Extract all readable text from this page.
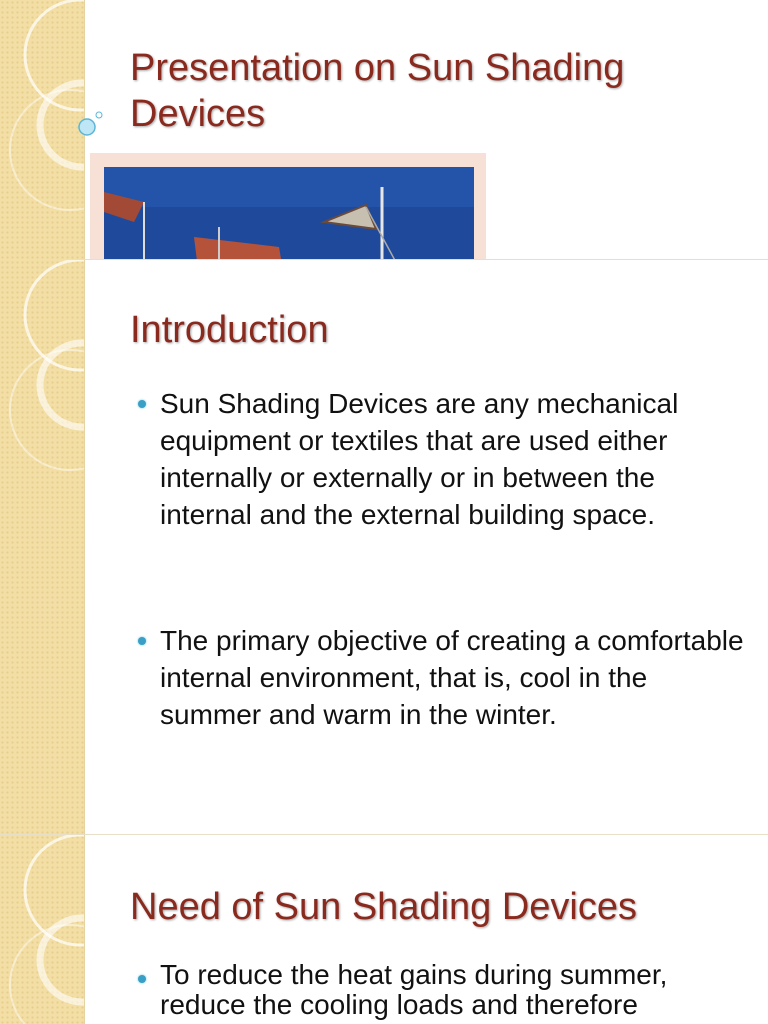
Presentation on Sun Shading Devices
Introduction
Sun Shading Devices are any mechanical equipment or textiles that are used either internally or externally or in between the internal and the external building space.
The primary objective of creating a comfortable internal environment, that is, cool in the summer and warm in the winter.
Need of Sun Shading Devices
To reduce the heat gains during summer, reduce the cooling loads and therefore
